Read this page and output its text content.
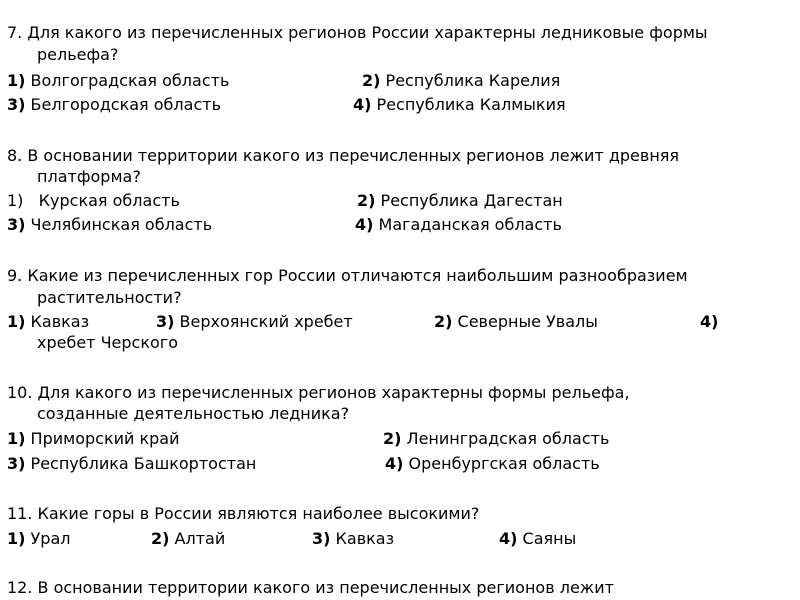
7. Для какого из перечисленных регионов России характерны ледниковые формы
рельефа?
1) Волгоградская область	2) Республика Карелия
3) Белгородская область	4) Республика Калмыкия
8. В основании территории какого из перечисленных регионов лежит древняя
платформа?
1)   Курская область	2) Республика Дагестан
3) Челябинская область	4) Магаданская область
9. Какие из перечисленных гор России отличаются наибольшим разнообразием
растительности?
1) Кавказ	3) Верхоянский хребет	2) Северные Увалы	4)
хребет Черского
10. Для какого из перечисленных регионов характерны формы рельефа,
созданные деятельностью ледника?
1) Приморский край	2) Ленинградская область
3) Республика Башкортостан	4) Оренбургская область
11. Какие горы в России являются наиболее высокими?
1) Урал	2) Алтай	3) Кавказ	4) Саяны
12. В основании территории какого из перечисленных регионов лежит
